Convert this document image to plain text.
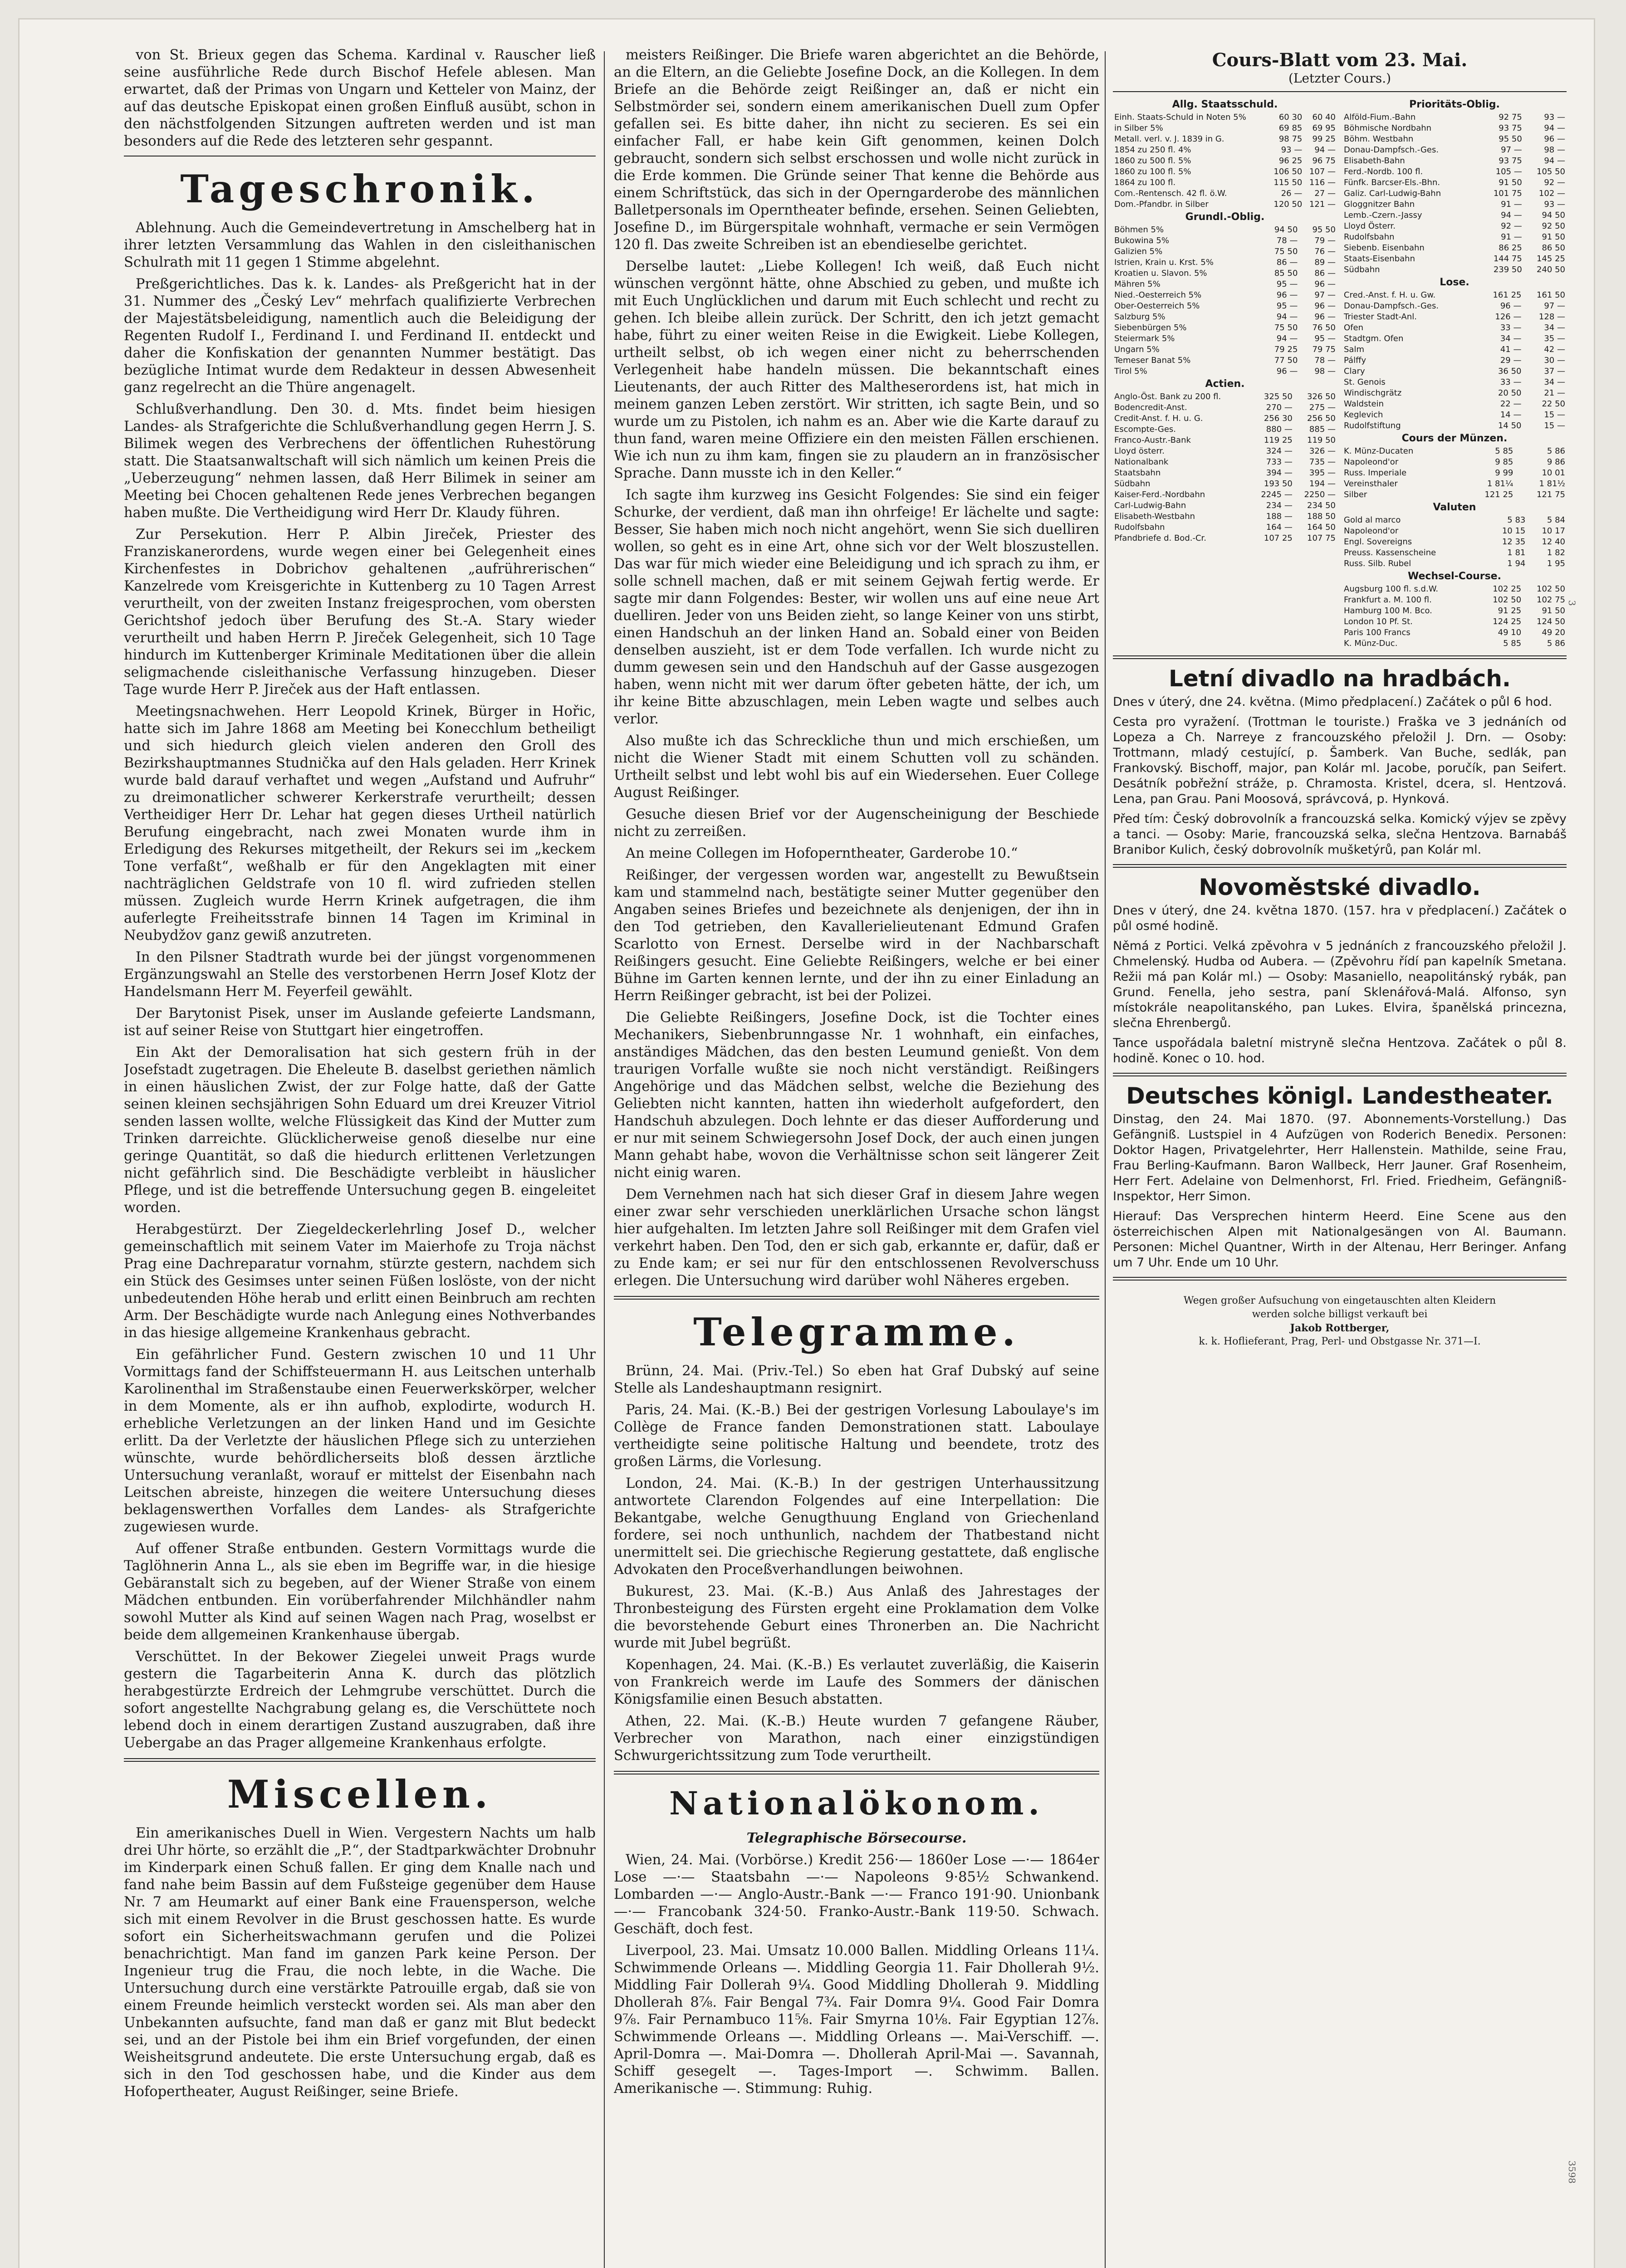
von St. Brieux gegen das Schema. Kardinal v. Rauscher ließ seine ausführliche Rede durch Bischof Hefele ablesen. Man erwartet, daß der Primas von Ungarn und Ketteler von Mainz, der auf das deutsche Episkopat einen großen Einfluß ausübt, schon in den nächstfolgenden Sitzungen auftreten werden und ist man besonders auf die Rede des letzteren sehr gespannt.

Tageschronik.

Ablehnung. Auch die Gemeindevertretung in Amschelberg hat in ihrer letzten Versammlung das Wahlen in den cisleithanischen Schulrath mit 11 gegen 1 Stimme abgelehnt.

Preßgerichtliches. Das k. k. Landes- als Preßgericht hat in der 31. Nummer des „Český Lev“ mehrfach qualifizierte Verbrechen der Majestätsbeleidigung, namentlich auch die Beleidigung der Regenten Rudolf I., Ferdinand I. und Ferdinand II. entdeckt und daher die Konfiskation der genannten Nummer bestätigt. Das bezügliche Intimat wurde dem Redakteur in dessen Abwesenheit ganz regelrecht an die Thüre angenagelt.

Schlußverhandlung. Den 30. d. Mts. findet beim hiesigen Landes- als Strafgerichte die Schlußverhandlung gegen Herrn J. S. Bilimek wegen des Verbrechens der öffentlichen Ruhestörung statt. Die Staatsanwaltschaft will sich nämlich um keinen Preis die „Ueberzeugung“ nehmen lassen, daß Herr Bilimek in seiner am Meeting bei Chocen gehaltenen Rede jenes Verbrechen begangen haben mußte. Die Vertheidigung wird Herr Dr. Klaudy führen.

Zur Persekution. Herr P. Albin Jireček, Priester des Franziskanerordens, wurde wegen einer bei Gelegenheit eines Kirchenfestes in Dobrichov gehaltenen „aufrührerischen“ Kanzelrede vom Kreisgerichte in Kuttenberg zu 10 Tagen Arrest verurtheilt, von der zweiten Instanz freigesprochen, vom obersten Gerichtshof jedoch über Berufung des St.-A. Stary wieder verurtheilt und haben Herrn P. Jireček Gelegenheit, sich 10 Tage hindurch im Kuttenberger Kriminale Meditationen über die allein seligmachende cisleithanische Verfassung hinzugeben. Dieser Tage wurde Herr P. Jireček aus der Haft entlassen.

Meetingsnachwehen. Herr Leopold Krinek, Bürger in Hořic, hatte sich im Jahre 1868 am Meeting bei Konecchlum betheiligt und sich hiedurch gleich vielen anderen den Groll des Bezirkshauptmannes Studnička auf den Hals geladen. Herr Krinek wurde bald darauf verhaftet und wegen „Aufstand und Aufruhr“ zu dreimonatlicher schwerer Kerkerstrafe verurtheilt; dessen Vertheidiger Herr Dr. Lehar hat gegen dieses Urtheil natürlich Berufung eingebracht, nach zwei Monaten wurde ihm in Erledigung des Rekurses mitgetheilt, der Rekurs sei im „keckem Tone verfaßt“, weßhalb er für den Angeklagten mit einer nachträglichen Geldstrafe von 10 fl. wird zufrieden stellen müssen. Zugleich wurde Herrn Krinek aufgetragen, die ihm auferlegte Freiheitsstrafe binnen 14 Tagen im Kriminal in Neubydžov ganz gewiß anzutreten.

In den Pilsner Stadtrath wurde bei der jüngst vorgenommenen Ergänzungswahl an Stelle des verstorbenen Herrn Josef Klotz der Handelsmann Herr M. Feyerfeil gewählt.

Der Barytonist Pisek, unser im Auslande gefeierte Landsmann, ist auf seiner Reise von Stuttgart hier eingetroffen.

Ein Akt der Demoralisation hat sich gestern früh in der Josefstadt zugetragen. Die Eheleute B. daselbst geriethen nämlich in einen häuslichen Zwist, der zur Folge hatte, daß der Gatte seinen kleinen sechsjährigen Sohn Eduard um drei Kreuzer Vitriol senden lassen wollte, welche Flüssigkeit das Kind der Mutter zum Trinken darreichte. Glücklicherweise genoß dieselbe nur eine geringe Quantität, so daß die hiedurch erlittenen Verletzungen nicht gefährlich sind. Die Beschädigte verbleibt in häuslicher Pflege, und ist die betreffende Untersuchung gegen B. eingeleitet worden.

Herabgestürzt. Der Ziegeldeckerlehrling Josef D., welcher gemeinschaftlich mit seinem Vater im Maierhofe zu Troja nächst Prag eine Dachreparatur vornahm, stürzte gestern, nachdem sich ein Stück des Gesimses unter seinen Füßen loslöste, von der nicht unbedeutenden Höhe herab und erlitt einen Beinbruch am rechten Arm. Der Beschädigte wurde nach Anlegung eines Nothverbandes in das hiesige allgemeine Krankenhaus gebracht.

Ein gefährlicher Fund. Gestern zwischen 10 und 11 Uhr Vormittags fand der Schiffsteuermann H. aus Leitschen unterhalb Karolinenthal im Straßenstaube einen Feuerwerkskörper, welcher in dem Momente, als er ihn aufhob, explodirte, wodurch H. erhebliche Verletzungen an der linken Hand und im Gesichte erlitt. Da der Verletzte der häuslichen Pflege sich zu unterziehen wünschte, wurde behördlicherseits bloß dessen ärztliche Untersuchung veranlaßt, worauf er mittelst der Eisenbahn nach Leitschen abreiste, hinzegen die weitere Untersuchung dieses beklagenswerthen Vorfalles dem Landes- als Strafgerichte zugewiesen wurde.

Auf offener Straße entbunden. Gestern Vormittags wurde die Taglöhnerin Anna L., als sie eben im Begriffe war, in die hiesige Gebäranstalt sich zu begeben, auf der Wiener Straße von einem Mädchen entbunden. Ein vorüberfahrender Milchhändler nahm sowohl Mutter als Kind auf seinen Wagen nach Prag, woselbst er beide dem allgemeinen Krankenhause übergab.

Verschüttet. In der Bekower Ziegelei unweit Prags wurde gestern die Tagarbeiterin Anna K. durch das plötzlich herabgestürzte Erdreich der Lehmgrube verschüttet. Durch die sofort angestellte Nachgrabung gelang es, die Verschüttete noch lebend doch in einem derartigen Zustand auszugraben, daß ihre Uebergabe an das Prager allgemeine Krankenhaus erfolgte.

Miscellen.

Ein amerikanisches Duell in Wien. Vergestern Nachts um halb drei Uhr hörte, so erzählt die „P.“, der Stadtparkwächter Drobnuhr im Kinderpark einen Schuß fallen. Er ging dem Knalle nach und fand nahe beim Bassin auf dem Fußsteige gegenüber dem Hause Nr. 7 am Heumarkt auf einer Bank eine Frauensperson, welche sich mit einem Revolver in die Brust geschossen hatte. Es wurde sofort ein Sicherheitswachmann gerufen und die Polizei benachrichtigt. Man fand im ganzen Park keine Person. Der Ingenieur trug die Frau, die noch lebte, in die Wache. Die Untersuchung durch eine verstärkte Patrouille ergab, daß sie von einem Freunde heimlich versteckt worden sei. Als man aber den Unbekannten aufsuchte, fand man daß er ganz mit Blut bedeckt sei, und an der Pistole bei ihm ein Brief vorgefunden, der einen Weisheitsgrund andeutete. Die erste Untersuchung ergab, daß es sich in den Tod geschossen habe, und die Kinder aus dem Hofopertheater, August Reißinger, seine Briefe.

meisters Reißinger. Die Briefe waren abgerichtet an die Behörde, an die Eltern, an die Geliebte Josefine Dock, an die Kollegen. In dem Briefe an die Behörde zeigt Reißinger an, daß er nicht ein Selbstmörder sei, sondern einem amerikanischen Duell zum Opfer gefallen sei. Es bitte daher, ihn nicht zu secieren. Es sei ein einfacher Fall, er habe kein Gift genommen, keinen Dolch gebraucht, sondern sich selbst erschossen und wolle nicht zurück in die Erde kommen. Die Gründe seiner That kenne die Behörde aus einem Schriftstück, das sich in der Operngarderobe des männlichen Balletpersonals im Operntheater befinde, ersehen. Seinen Geliebten, Josefine D., im Bürgerspitale wohnhaft, vermache er sein Vermögen 120 fl. Das zweite Schreiben ist an ebendieselbe gerichtet.

Derselbe lautet: „Liebe Kollegen! Ich weiß, daß Euch nicht wünschen vergönnt hätte, ohne Abschied zu geben, und mußte ich mit Euch Unglücklichen und darum mit Euch schlecht und recht zu gehen. Ich bleibe allein zurück. Der Schritt, den ich jetzt gemacht habe, führt zu einer weiten Reise in die Ewigkeit. Liebe Kollegen, urtheilt selbst, ob ich wegen einer nicht zu beherrschenden Verlegenheit habe handeln müssen. Die bekanntschaft eines Lieutenants, der auch Ritter des Maltheserordens ist, hat mich in meinem ganzen Leben zerstört. Wir stritten, ich sagte Bein, und so wurde um zu Pistolen, ich nahm es an. Aber wie die Karte darauf zu thun fand, waren meine Offiziere ein den meisten Fällen erschienen. Wie ich nun zu ihm kam, fingen sie zu plaudern an in französischer Sprache. Dann musste ich in den Keller.“

Ich sagte ihm kurzweg ins Gesicht Folgendes: Sie sind ein feiger Schurke, der verdient, daß man ihn ohrfeige! Er lächelte und sagte: Besser, Sie haben mich noch nicht angehört, wenn Sie sich duelliren wollen, so geht es in eine Art, ohne sich vor der Welt bloszustellen. Das war für mich wieder eine Beleidigung und ich sprach zu ihm, er solle schnell machen, daß er mit seinem Gejwah fertig werde. Er sagte mir dann Folgendes: Bester, wir wollen uns auf eine neue Art duelliren. Jeder von uns Beiden zieht, so lange Keiner von uns stirbt, einen Handschuh an der linken Hand an. Sobald einer von Beiden denselben auszieht, ist er dem Tode verfallen. Ich wurde nicht zu dumm gewesen sein und den Handschuh auf der Gasse ausgezogen haben, wenn nicht mit wer darum öfter gebeten hätte, der ich, um ihr keine Bitte abzuschlagen, mein Leben wagte und selbes auch verlor.

Also mußte ich das Schreckliche thun und mich erschießen, um nicht die Wiener Stadt mit einem Schutten voll zu schänden. Urtheilt selbst und lebt wohl bis auf ein Wiedersehen. Euer College August Reißinger.

Gesuche diesen Brief vor der Augenscheinigung der Beschiede nicht zu zerreißen.

An meine Collegen im Hofoperntheater, Garderobe 10.“

Reißinger, der vergessen worden war, angestellt zu Bewußtsein kam und stammelnd nach, bestätigte seiner Mutter gegenüber den Angaben seines Briefes und bezeichnete als denjenigen, der ihn in den Tod getrieben, den Kavallerielieutenant Edmund Grafen Scarlotto von Ernest. Derselbe wird in der Nachbarschaft Reißingers gesucht. Eine Geliebte Reißingers, welche er bei einer Bühne im Garten kennen lernte, und der ihn zu einer Einladung an Herrn Reißinger gebracht, ist bei der Polizei.

Die Geliebte Reißingers, Josefine Dock, ist die Tochter eines Mechanikers, Siebenbrunngasse Nr. 1 wohnhaft, ein einfaches, anständiges Mädchen, das den besten Leumund genießt. Von dem traurigen Vorfalle wußte sie noch nicht verständigt. Reißingers Angehörige und das Mädchen selbst, welche die Beziehung des Geliebten nicht kannten, hatten ihn wiederholt aufgefordert, den Handschuh abzulegen. Doch lehnte er das dieser Aufforderung und er nur mit seinem Schwiegersohn Josef Dock, der auch einen jungen Mann gehabt habe, wovon die Verhältnisse schon seit längerer Zeit nicht einig waren.

Dem Vernehmen nach hat sich dieser Graf in diesem Jahre wegen einer zwar sehr verschieden unerklärlichen Ursache schon längst hier aufgehalten. Im letzten Jahre soll Reißinger mit dem Grafen viel verkehrt haben. Den Tod, den er sich gab, erkannte er, dafür, daß er zu Ende kam; er sei nur für den entschlossenen Revolverschuss erlegen. Die Untersuchung wird darüber wohl Näheres ergeben.

Telegramme.

Brünn, 24. Mai. (Priv.-Tel.) So eben hat Graf Dubský auf seine Stelle als Landeshauptmann resignirt.

Paris, 24. Mai. (K.-B.) Bei der gestrigen Vorlesung Laboulaye's im Collège de France fanden Demonstrationen statt. Laboulaye vertheidigte seine politische Haltung und beendete, trotz des großen Lärms, die Vorlesung.

London, 24. Mai. (K.-B.) In der gestrigen Unterhaussitzung antwortete Clarendon Folgendes auf eine Interpellation: Die Bekantgabe, welche Genugthuung England von Griechenland fordere, sei noch unthunlich, nachdem der Thatbestand nicht unermittelt sei. Die griechische Regierung gestattete, daß englische Advokaten den Proceßverhandlungen beiwohnen.

Bukurest, 23. Mai. (K.-B.) Aus Anlaß des Jahrestages der Thronbesteigung des Fürsten ergeht eine Proklamation dem Volke die bevorstehende Geburt eines Thronerben an. Die Nachricht wurde mit Jubel begrüßt.

Kopenhagen, 24. Mai. (K.-B.) Es verlautet zuverläßig, die Kaiserin von Frankreich werde im Laufe des Sommers der dänischen Königsfamilie einen Besuch abstatten.

Athen, 22. Mai. (K.-B.) Heute wurden 7 gefangene Räuber, Verbrecher von Marathon, nach einer einzigstündigen Schwurgerichtssitzung zum Tode verurtheilt.

Nationalökonom.
Telegraphische Börsecourse.

Wien, 24. Mai. (Vorbörse.) Kredit 256·— 1860er Lose —·— 1864er Lose —·— Staatsbahn —·— Napoleons 9·85½ Schwankend. Lombarden —·— Anglo-Austr.-Bank —·— Franco 191·90. Unionbank —·— Francobank 324·50. Franko-Austr.-Bank 119·50. Schwach. Geschäft, doch fest.

Liverpool, 23. Mai. Umsatz 10.000 Ballen. Middling Orleans 11¼. Schwimmende Orleans —. Middling Georgia 11. Fair Dhollerah 9½. Middling Fair Dollerah 9¼. Good Middling Dhollerah 9. Middling Dhollerah 8⅞. Fair Bengal 7¾. Fair Domra 9¼. Good Fair Domra 9⅞. Fair Pernambuco 11⅝. Fair Smyrna 10⅛. Fair Egyptian 12⅞. Schwimmende Orleans —. Middling Orleans —. Mai-Verschiff. —. April-Domra —. Mai-Domra —. Dhollerah April-Mai —. Savannah, Schiff gesegelt —. Tages-Import —. Schwimm. Ballen. Amerikanische —. Stimmung: Ruhig.

Cours-Blatt vom 23. Mai.
(Letzter Cours.)
Allg. Staatsschuld.		
Einh. Staats-Schuld in Noten 5%	60 30	60 40
in Silber 5%	69 85	69 95
Metall. verl. v. J. 1839 in G.	98 75	99 25
1854 zu 250 fl. 4%	93 —	94 —
1860 zu 500 fl. 5%	96 25	96 75
1860 zu 100 fl. 5%	106 50	107 —
1864 zu 100 fl.	115 50	116 —
Com.-Rentensch. 42 fl. ö.W.	26 —	27 —
Dom.-Pfandbr. in Silber	120 50	121 —
Grundl.-Oblig.		
Böhmen 5%	94 50	95 50
Bukowina 5%	78 —	79 —
Galizien 5%	75 50	76 —
Istrien, Krain u. Krst. 5%	86 —	89 —
Kroatien u. Slavon. 5%	85 50	86 —
Mähren 5%	95 —	96 —
Nied.-Oesterreich 5%	96 —	97 —
Ober-Oesterreich 5%	95 —	96 —
Salzburg 5%	94 —	96 —
Siebenbürgen 5%	75 50	76 50
Steiermark 5%	94 —	95 —
Ungarn 5%	79 25	79 75
Temeser Banat 5%	77 50	78 —
Tirol 5%	96 —	98 —
Actien.		
Anglo-Öst. Bank zu 200 fl.	325 50	326 50
Bodencredit-Anst.	270 —	275 —
Credit-Anst. f. H. u. G.	256 30	256 50
Escompte-Ges.	880 —	885 —
Franco-Austr.-Bank	119 25	119 50
Lloyd österr.	324 —	326 —
Nationalbank	733 —	735 —
Staatsbahn	394 —	395 —
Südbahn	193 50	194 —
Kaiser-Ferd.-Nordbahn	2245 —	2250 —
Carl-Ludwig-Bahn	234 —	234 50
Elisabeth-Westbahn	188 —	188 50
Rudolfsbahn	164 —	164 50
Pfandbriefe d. Bod.-Cr.	107 25	107 75
Prioritäts-Oblig.		
Alföld-Fium.-Bahn	92 75	93 —
Böhmische Nordbahn	93 75	94 —
Böhm. Westbahn	95 50	96 —
Donau-Dampfsch.-Ges.	97 —	98 —
Elisabeth-Bahn	93 75	94 —
Ferd.-Nordb. 100 fl.	105 —	105 50
Fünfk. Barcser-Els.-Bhn.	91 50	92 —
Galiz. Carl-Ludwig-Bahn	101 75	102 —
Gloggnitzer Bahn	91 —	93 —
Lemb.-Czern.-Jassy	94 —	94 50
Lloyd Österr.	92 —	92 50
Rudolfsbahn	91 —	91 50
Siebenb. Eisenbahn	86 25	86 50
Staats-Eisenbahn	144 75	145 25
Südbahn	239 50	240 50
Lose.		
Cred.-Anst. f. H. u. Gw.	161 25	161 50
Donau-Dampfsch.-Ges.	96 —	97 —
Triester Stadt-Anl.	126 —	128 —
Ofen	33 —	34 —
Stadtgm. Ofen	34 —	35 —
Salm	41 —	42 —
Pálffy	29 —	30 —
Clary	36 50	37 —
St. Genois	33 —	34 —
Windischgrätz	20 50	21 —
Waldstein	22 —	22 50
Keglevich	14 —	15 —
Rudolfstiftung	14 50	15 —
Cours der Münzen.		
K. Münz-Ducaten	5 85	5 86
Napoleond'or	9 85	9 86
Russ. Imperiale	9 99	10 01
Vereinsthaler	1 81¼	1 81½
Silber	121 25	121 75
Valuten		
Gold al marco	5 83	5 84
Napoleond'or	10 15	10 17
Engl. Sovereigns	12 35	12 40
Preuss. Kassenscheine	1 81	1 82
Russ. Silb. Rubel	1 94	1 95
Wechsel-Course.		
Augsburg 100 fl. s.d.W.	102 25	102 50
Frankfurt a. M. 100 fl.	102 50	102 75
Hamburg 100 M. Bco.	91 25	91 50
London 10 Pf. St.	124 25	124 50
Paris 100 Francs	49 10	49 20
K. Münz-Duc.	5 85	5 86
Letní divadlo na hradbách.

Dnes v úterý, dne 24. května. (Mimo předplacení.) Začátek o půl 6 hod.

Cesta pro vyražení. (Trottman le touriste.) Fraška ve 3 jednáních od Lopeza a Ch. Narreye z francouzského přeložil J. Drn. — Osoby: Trottmann, mladý cestující, p. Šamberk. Van Buche, sedlák, pan Frankovský. Bischoff, major, pan Kolár ml. Jacobe, poručík, pan Seifert. Desátník pobřežní stráže, p. Chramosta. Kristel, dcera, sl. Hentzová. Lena, pan Grau. Pani Moosová, správcová, p. Hynková.

Před tím: Český dobrovolník a francouzská selka. Komický výjev se zpěvy a tanci. — Osoby: Marie, francouzská selka, slečna Hentzova. Barnabáš Branibor Kulich, český dobrovolník mušketýrů, pan Kolár ml.

Novoměstské divadlo.

Dnes v úterý, dne 24. května 1870. (157. hra v předplacení.) Začátek o půl osmé hodině.

Němá z Portici. Velká zpěvohra v 5 jednáních z francouzského přeložil J. Chmelenský. Hudba od Aubera. — (Zpěvohru řídí pan kapelník Smetana. Režii má pan Kolár ml.) — Osoby: Masaniello, neapolitánský rybák, pan Grund. Fenella, jeho sestra, paní Sklenářová-Malá. Alfonso, syn místokrále neapolitanského, pan Lukes. Elvira, španělská princezna, slečna Ehrenbergů.

Tance uspořádala baletní mistryně slečna Hentzova. Začátek o půl 8. hodině. Konec o 10. hod.

Deutsches königl. Landestheater.

Dinstag, den 24. Mai 1870. (97. Abonnements-Vorstellung.) Das Gefängniß. Lustspiel in 4 Aufzügen von Roderich Benedix. Personen: Doktor Hagen, Privatgelehrter, Herr Hallenstein. Mathilde, seine Frau, Frau Berling-Kaufmann. Baron Wallbeck, Herr Jauner. Graf Rosenheim, Herr Fert. Adelaine von Delmenhorst, Frl. Fried. Friedheim, Gefängniß-Inspektor, Herr Simon.

Hierauf: Das Versprechen hinterm Heerd. Eine Scene aus den österreichischen Alpen mit Nationalgesängen von Al. Baumann. Personen: Michel Quantner, Wirth in der Altenau, Herr Beringer. Anfang um 7 Uhr. Ende um 10 Uhr.

Wegen großer Aufsuchung von eingetauschten alten Kleidern
werden solche billigst verkauft bei
Jakob Rottberger,
k. k. Hoflieferant, Prag, Perl- und Obstgasse Nr. 371—I.
3
3598
